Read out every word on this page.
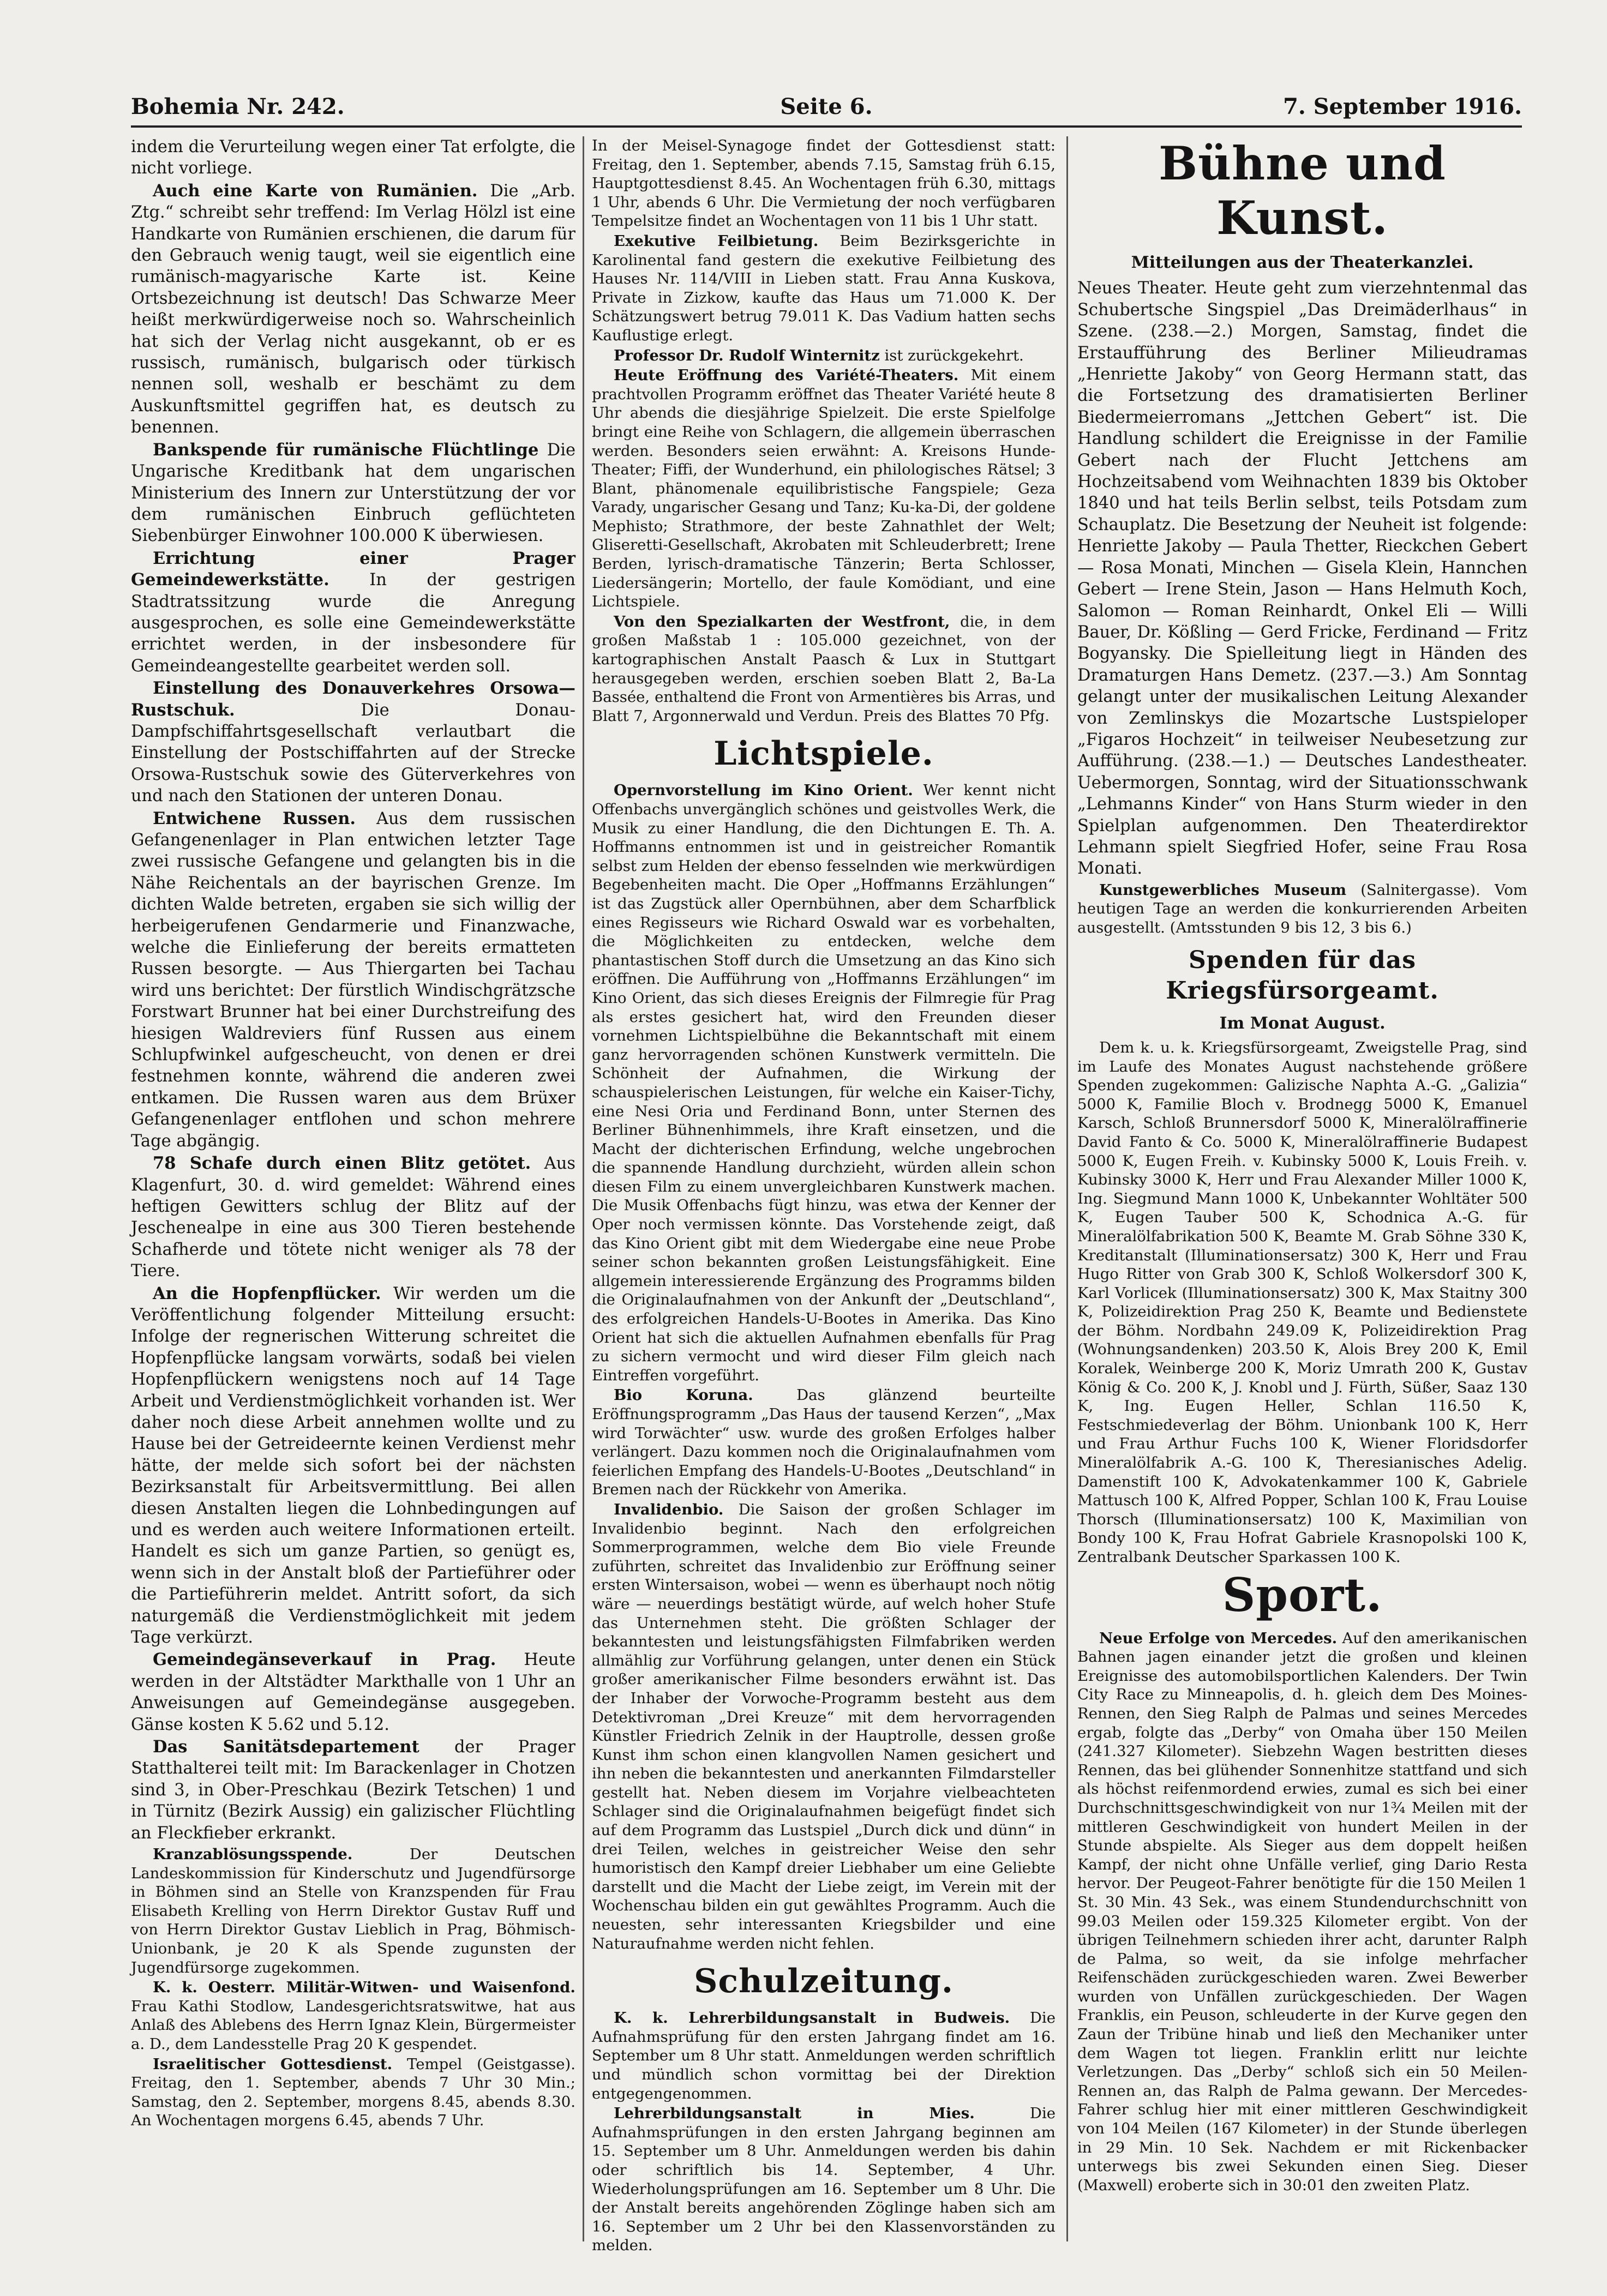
Bohemia Nr. 242.	Seite 6.	7. September 1916.

indem die Verurteilung wegen einer Tat erfolgte, die nicht vorliege.

Auch eine Karte von Rumänien. Die „Arb. Ztg.“ schreibt sehr treffend: Im Verlag Hölzl ist eine Handkarte von Rumänien erschienen, die darum für den Gebrauch wenig taugt, weil sie eigentlich eine rumänisch-magyarische Karte ist. Keine Ortsbezeichnung ist deutsch! Das Schwarze Meer heißt merkwürdigerweise noch so. Wahrscheinlich hat sich der Verlag nicht ausgekannt, ob er es russisch, rumänisch, bulgarisch oder türkisch nennen soll, weshalb er beschämt zu dem Auskunftsmittel gegriffen hat, es deutsch zu benennen.

Bankspende für rumänische Flüchtlinge Die Ungarische Kreditbank hat dem ungarischen Ministerium des Innern zur Unterstützung der vor dem rumänischen Einbruch geflüchteten Siebenbürger Einwohner 100.000 K überwiesen.

Errichtung einer Prager Gemeindewerkstätte. In der gestrigen Stadtratssitzung wurde die Anregung ausgesprochen, es solle eine Gemeindewerkstätte errichtet werden, in der insbesondere für Gemeindeangestellte gearbeitet werden soll.

Einstellung des Donauverkehres Orsowa—Rustschuk.	Die Donau-Dampfschiffahrtsgesellschaft verlautbart die Einstellung der Postschiffahrten auf der Strecke Orsowa-Rustschuk sowie des Güterverkehres von und nach den Stationen der unteren Donau.

Entwichene Russen. Aus dem russischen Gefangenenlager in Plan entwichen letzter Tage zwei russische Gefangene und gelangten bis in die Nähe Reichentals an der bayrischen Grenze. Im dichten Walde betreten, ergaben sie sich willig der herbeigerufenen Gendarmerie und Finanzwache, welche die Einlieferung der bereits ermatteten Russen besorgte. — Aus Thiergarten bei Tachau wird uns berichtet: Der fürstlich Windischgrätzsche Forstwart Brunner hat bei einer Durchstreifung des hiesigen Waldreviers fünf Russen aus einem Schlupfwinkel aufgescheucht, von denen er drei festnehmen konnte, während die anderen zwei entkamen. Die Russen waren aus dem Brüxer Gefangenenlager entflohen und schon mehrere Tage abgängig.

78 Schafe durch einen Blitz getötet. Aus Klagenfurt, 30. d. wird gemeldet: Während eines heftigen Gewitters schlug der Blitz auf der Jeschenealpe in eine aus 300 Tieren bestehende Schafherde und tötete nicht weniger als 78 der Tiere.

An die Hopfenpflücker. Wir werden um die Veröffentlichung folgender Mitteilung ersucht: Infolge der regnerischen Witterung schreitet die Hopfenpflücke langsam vorwärts, sodaß bei vielen Hopfenpflückern wenigstens noch auf 14 Tage Arbeit und Verdienstmöglichkeit vorhanden ist. Wer daher noch diese Arbeit annehmen wollte und zu Hause bei der Getreideernte keinen Verdienst mehr hätte, der melde sich sofort bei der nächsten Bezirksanstalt für Arbeitsvermittlung. Bei allen diesen Anstalten liegen die Lohnbedingungen auf und es werden auch weitere Informationen erteilt. Handelt es sich um ganze Partien, so genügt es, wenn sich in der Anstalt bloß der Partieführer oder die Partieführerin meldet. Antritt sofort, da sich naturgemäß die Verdienstmöglichkeit mit jedem Tage verkürzt.

Gemeindegänseverkauf in Prag. Heute werden in der Altstädter Markthalle von 1 Uhr an Anweisungen auf Gemeindegänse ausgegeben. Gänse kosten K 5.62 und 5.12.

Das Sanitätsdepartement der Prager Statthalterei teilt mit: Im Barackenlager in Chotzen sind 3, in Ober-Preschkau (Bezirk Tetschen) 1 und in Türnitz (Bezirk Aussig) ein galizischer Flüchtling an Fleckfieber erkrankt.

Kranzablösungsspende.	Der Deutschen Landeskommission für Kinderschutz und Jugendfürsorge in Böhmen sind an Stelle von Kranzspenden für Frau Elisabeth Krelling von Herrn Direktor Gustav Ruff und von Herrn Direktor Gustav Lieblich in Prag, Böhmisch-Unionbank, je 20 K als Spende zugunsten der Jugendfürsorge zugekommen.

K. k. Oesterr. Militär-Witwen- und Waisenfond. Frau Kathi Stodlow, Landesgerichtsratswitwe, hat aus Anlaß des Ablebens des Herrn Ignaz Klein, Bürgermeister a. D., dem Landesstelle Prag 20 K gespendet.

Israelitischer Gottesdienst. Tempel (Geistgasse). Freitag, den 1. September, abends 7 Uhr 30 Min.; Samstag, den 2. September, morgens 8.45, abends 8.30. An Wochentagen morgens 6.45, abends 7 Uhr.

In der Meisel-Synagoge findet der Gottesdienst statt: Freitag, den 1. September, abends 7.15, Samstag früh 6.15, Hauptgottesdienst 8.45. An Wochentagen früh 6.30, mittags 1 Uhr, abends 6 Uhr. Die Vermietung der noch verfügbaren Tempelsitze findet an Wochentagen von 11 bis 1 Uhr statt.

Exekutive Feilbietung. Beim Bezirksgerichte in Karolinental fand gestern die exekutive Feilbietung des Hauses Nr. 114/VIII in Lieben statt. Frau Anna Kuskova, Private in Zizkow, kaufte das Haus um 71.000 K. Der Schätzungswert betrug 79.011 K. Das Vadium hatten sechs Kauflustige erlegt.

Professor Dr. Rudolf Winternitz ist zurückgekehrt.

Heute Eröffnung des Variété-Theaters. Mit einem prachtvollen Programm eröffnet das Theater Variété heute 8 Uhr abends die diesjährige Spielzeit. Die erste Spielfolge bringt eine Reihe von Schlagern, die allgemein überraschen werden. Besonders seien erwähnt: A. Kreisons Hunde-Theater; Fiffi, der Wunderhund, ein philologisches Rätsel; 3 Blant, phänomenale equilibristische Fangspiele; Geza Varady, ungarischer Gesang und Tanz; Ku-ka-Di, der goldene Mephisto; Strathmore, der beste Zahnathlet der Welt; Gliseretti-Gesellschaft, Akrobaten mit Schleuderbrett; Irene Berden, lyrisch-dramatische Tänzerin; Berta Schlosser, Liedersängerin; Mortello, der faule Komödiant, und eine Lichtspiele.

Von den Spezialkarten der Westfront, die, in dem großen Maßstab 1 : 105.000 gezeichnet, von der kartographischen Anstalt Paasch & Lux in Stuttgart herausgegeben werden, erschien soeben Blatt 2, Ba-La Bassée, enthaltend die Front von Armentières bis Arras, und Blatt 7, Argonnerwald und Verdun. Preis des Blattes 70 Pfg.

Lichtspiele.

Opernvorstellung im Kino Orient. Wer kennt nicht Offenbachs unvergänglich schönes und geistvolles Werk, die Musik zu einer Handlung, die den Dichtungen E. Th. A. Hoffmanns entnommen ist und in geistreicher Romantik selbst zum Helden der ebenso fesselnden wie merkwürdigen Begebenheiten macht. Die Oper „Hoffmanns Erzählungen“ ist das Zugstück aller Opernbühnen, aber dem Scharfblick eines Regisseurs wie Richard Oswald war es vorbehalten, die Möglichkeiten zu entdecken, welche dem phantastischen Stoff durch die Umsetzung an das Kino sich eröffnen. Die Aufführung von „Hoffmanns Erzählungen“ im Kino Orient, das sich dieses Ereignis der Filmregie für Prag als erstes gesichert hat, wird den Freunden dieser vornehmen Lichtspielbühne die Bekanntschaft mit einem ganz hervorragenden schönen Kunstwerk vermitteln. Die Schönheit der Aufnahmen, die Wirkung der schauspielerischen Leistungen, für welche ein Kaiser-Tichy, eine Nesi Oria und Ferdinand Bonn, unter Sternen des Berliner Bühnenhimmels, ihre Kraft einsetzen, und die Macht der dichterischen Erfindung, welche ungebrochen die spannende Handlung durchzieht, würden allein schon diesen Film zu einem unvergleichbaren Kunstwerk machen. Die Musik Offenbachs fügt hinzu, was etwa der Kenner der Oper noch vermissen könnte. Das Vorstehende zeigt, daß das Kino Orient gibt mit dem Wiedergabe eine neue Probe seiner schon bekannten großen Leistungsfähigkeit. Eine allgemein interessierende Ergänzung des Programms bilden die Originalaufnahmen von der Ankunft der „Deutschland“, des erfolgreichen Handels-U-Bootes in Amerika. Das Kino Orient hat sich die aktuellen Aufnahmen ebenfalls für Prag zu sichern vermocht und wird dieser Film gleich nach Eintreffen vorgeführt.

Bio Koruna.	Das glänzend beurteilte Eröffnungsprogramm „Das Haus der tausend Kerzen“, „Max wird Torwächter“ usw. wurde des großen Erfolges halber verlängert. Dazu kommen noch die Originalaufnahmen vom feierlichen Empfang des Handels-U-Bootes „Deutschland“ in Bremen nach der Rückkehr von Amerika.

Invalidenbio. Die Saison der großen Schlager im Invalidenbio beginnt. Nach den erfolgreichen Sommerprogrammen, welche dem Bio viele Freunde zuführten, schreitet das Invalidenbio zur Eröffnung seiner ersten Wintersaison, wobei — wenn es überhaupt noch nötig wäre — neuerdings bestätigt würde, auf welch hoher Stufe das Unternehmen steht. Die größten Schlager der bekanntesten und leistungsfähigsten Filmfabriken werden allmählig zur Vorführung gelangen, unter denen ein Stück großer amerikanischer Filme besonders erwähnt ist. Das der Inhaber der Vorwoche-Programm besteht aus dem Detektivroman „Drei Kreuze“ mit dem hervorragenden Künstler Friedrich Zelnik in der Hauptrolle, dessen große Kunst ihm schon einen klangvollen Namen gesichert und ihn neben die bekanntesten und anerkannten Filmdarsteller gestellt hat. Neben diesem im Vorjahre vielbeachteten Schlager sind die Originalaufnahmen beigefügt findet sich auf dem Programm das Lustspiel „Durch dick und dünn“ in drei Teilen, welches in geistreicher Weise den sehr humoristisch den Kampf dreier Liebhaber um eine Geliebte darstellt und die Macht der Liebe zeigt, im Verein mit der Wochenschau bilden ein gut gewähltes Programm. Auch die neuesten, sehr interessanten Kriegsbilder und eine Naturaufnahme werden nicht fehlen.

Schulzeitung.

K. k. Lehrerbildungsanstalt in Budweis. Die Aufnahmsprüfung für den ersten Jahrgang findet am 16. September um 8 Uhr statt. Anmeldungen werden schriftlich und mündlich schon vormittag bei der Direktion entgegengenommen.

Lehrerbildungsanstalt in Mies.	Die Aufnahmsprüfungen in den ersten Jahrgang beginnen am 15. September um 8 Uhr. Anmeldungen werden bis dahin oder schriftlich bis 14. September, 4 Uhr. Wiederholungsprüfungen am 16. September um 8 Uhr. Die der Anstalt bereits angehörenden Zöglinge haben sich am 16. September um 2 Uhr bei den Klassenvorständen zu melden.

Bühne und Kunst.
Mitteilungen aus der Theaterkanzlei.

Neues Theater. Heute geht zum vierzehntenmal das Schubertsche Singspiel „Das Dreimäderlhaus“ in Szene. (238.—2.) Morgen, Samstag, findet die Erstaufführung des Berliner Milieudramas „Henriette Jakoby“ von Georg Hermann statt, das die Fortsetzung des dramatisierten Berliner Biedermeierromans „Jettchen Gebert“ ist. Die Handlung schildert die Ereignisse in der Familie Gebert nach der Flucht Jettchens am Hochzeitsabend vom Weihnachten 1839 bis Oktober 1840 und hat teils Berlin selbst, teils Potsdam zum Schauplatz. Die Besetzung der Neuheit ist folgende: Henriette Jakoby — Paula Thetter, Rieckchen Gebert — Rosa Monati, Minchen — Gisela Klein, Hannchen Gebert — Irene Stein, Jason — Hans Helmuth Koch, Salomon — Roman Reinhardt, Onkel Eli — Willi Bauer, Dr. Kößling — Gerd Fricke, Ferdinand — Fritz Bogyansky. Die Spielleitung liegt in Händen des Dramaturgen Hans Demetz. (237.—3.) Am Sonntag gelangt unter der musikalischen Leitung Alexander von Zemlinskys die Mozartsche Lustspieloper „Figaros Hochzeit“ in teilweiser Neubesetzung zur Aufführung. (238.—1.) — Deutsches Landestheater. Uebermorgen, Sonntag, wird der Situationsschwank „Lehmanns Kinder“ von Hans Sturm wieder in den Spielplan aufgenommen. Den Theaterdirektor Lehmann spielt Siegfried Hofer, seine Frau Rosa Monati.

Kunstgewerbliches Museum (Salnitergasse). Vom heutigen Tage an werden die konkurrierenden Arbeiten ausgestellt. (Amtsstunden 9 bis 12, 3 bis 6.)

Spenden für das Kriegsfürsorgeamt.
Im Monat August.

Dem k. u. k. Kriegsfürsorgeamt, Zweigstelle Prag, sind im Laufe des Monates August nachstehende größere Spenden zugekommen: Galizische Naphta A.-G. „Galizia“ 5000 K, Familie Bloch v. Brodnegg 5000 K, Emanuel Karsch, Schloß Brunnersdorf 5000 K, Mineralölraffinerie David Fanto & Co. 5000 K, Mineralölraffinerie Budapest 5000 K, Eugen Freih. v. Kubinsky 5000 K, Louis Freih. v. Kubinsky 3000 K, Herr und Frau Alexander Miller 1000 K, Ing. Siegmund Mann 1000 K, Unbekannter Wohltäter 500 K, Eugen Tauber 500 K, Schodnica A.-G. für Mineralölfabrikation 500 K, Beamte M. Grab Söhne 330 K, Kreditanstalt (Illuminationsersatz) 300 K, Herr und Frau Hugo Ritter von Grab 300 K, Schloß Wolkersdorf 300 K, Karl Vorlicek (Illuminationsersatz) 300 K, Max Staitny 300 K, Polizeidirektion Prag 250 K, Beamte und Bedienstete der Böhm. Nordbahn 249.09 K, Polizeidirektion Prag (Wohnungsandenken) 203.50 K, Alois Brey 200 K, Emil Koralek, Weinberge 200 K, Moriz Umrath 200 K, Gustav König & Co. 200 K, J. Knobl und J. Fürth, Süßer, Saaz 130 K, Ing. Eugen Heller, Schlan 116.50 K, Festschmiedeverlag der Böhm. Unionbank 100 K, Herr und Frau Arthur Fuchs 100 K, Wiener Floridsdorfer Mineralölfabrik A.-G. 100 K, Theresianisches Adelig. Damenstift 100 K, Advokatenkammer 100 K, Gabriele Mattusch 100 K, Alfred Popper, Schlan 100 K, Frau Louise Thorsch (Illuminationsersatz) 100 K, Maximilian von Bondy 100 K, Frau Hofrat Gabriele Krasnopolski 100 K, Zentralbank Deutscher Sparkassen 100 K.

Sport.

Neue Erfolge von Mercedes. Auf den amerikanischen Bahnen jagen einander jetzt die großen und kleinen Ereignisse des automobilsportlichen Kalenders. Der Twin City Race zu Minneapolis, d. h. gleich dem Des Moines-Rennen, den Sieg Ralph de Palmas und seines Mercedes ergab, folgte das „Derby“ von Omaha über 150 Meilen (241.327 Kilometer). Siebzehn Wagen bestritten dieses Rennen, das bei glühender Sonnenhitze stattfand und sich als höchst reifenmordend erwies, zumal es sich bei einer Durchschnittsgeschwindigkeit von nur 1¾ Meilen mit der mittleren Geschwindigkeit von hundert Meilen in der Stunde abspielte. Als Sieger aus dem doppelt heißen Kampf, der nicht ohne Unfälle verlief, ging Dario Resta hervor. Der Peugeot-Fahrer benötigte für die 150 Meilen 1 St. 30 Min. 43 Sek., was einem Stundendurchschnitt von 99.03 Meilen oder 159.325 Kilometer ergibt. Von der übrigen Teilnehmern schieden ihrer acht, darunter Ralph de Palma, so weit, da sie infolge mehrfacher Reifenschäden zurückgeschieden waren. Zwei Bewerber wurden von Unfällen zurückgeschieden. Der Wagen Franklis, ein Peuson, schleuderte in der Kurve gegen den Zaun der Tribüne hinab und ließ den Mechaniker unter dem Wagen tot liegen. Franklin erlitt nur leichte Verletzungen. Das „Derby“ schloß sich ein 50 Meilen-Rennen an, das Ralph de Palma gewann. Der Mercedes-Fahrer schlug hier mit einer mittleren Geschwindigkeit von 104 Meilen (167 Kilometer) in der Stunde überlegen in 29 Min. 10 Sek. Nachdem er mit Rickenbacker unterwegs bis zwei Sekunden einen Sieg. Dieser (Maxwell) eroberte sich in 30:01 den zweiten Platz.
